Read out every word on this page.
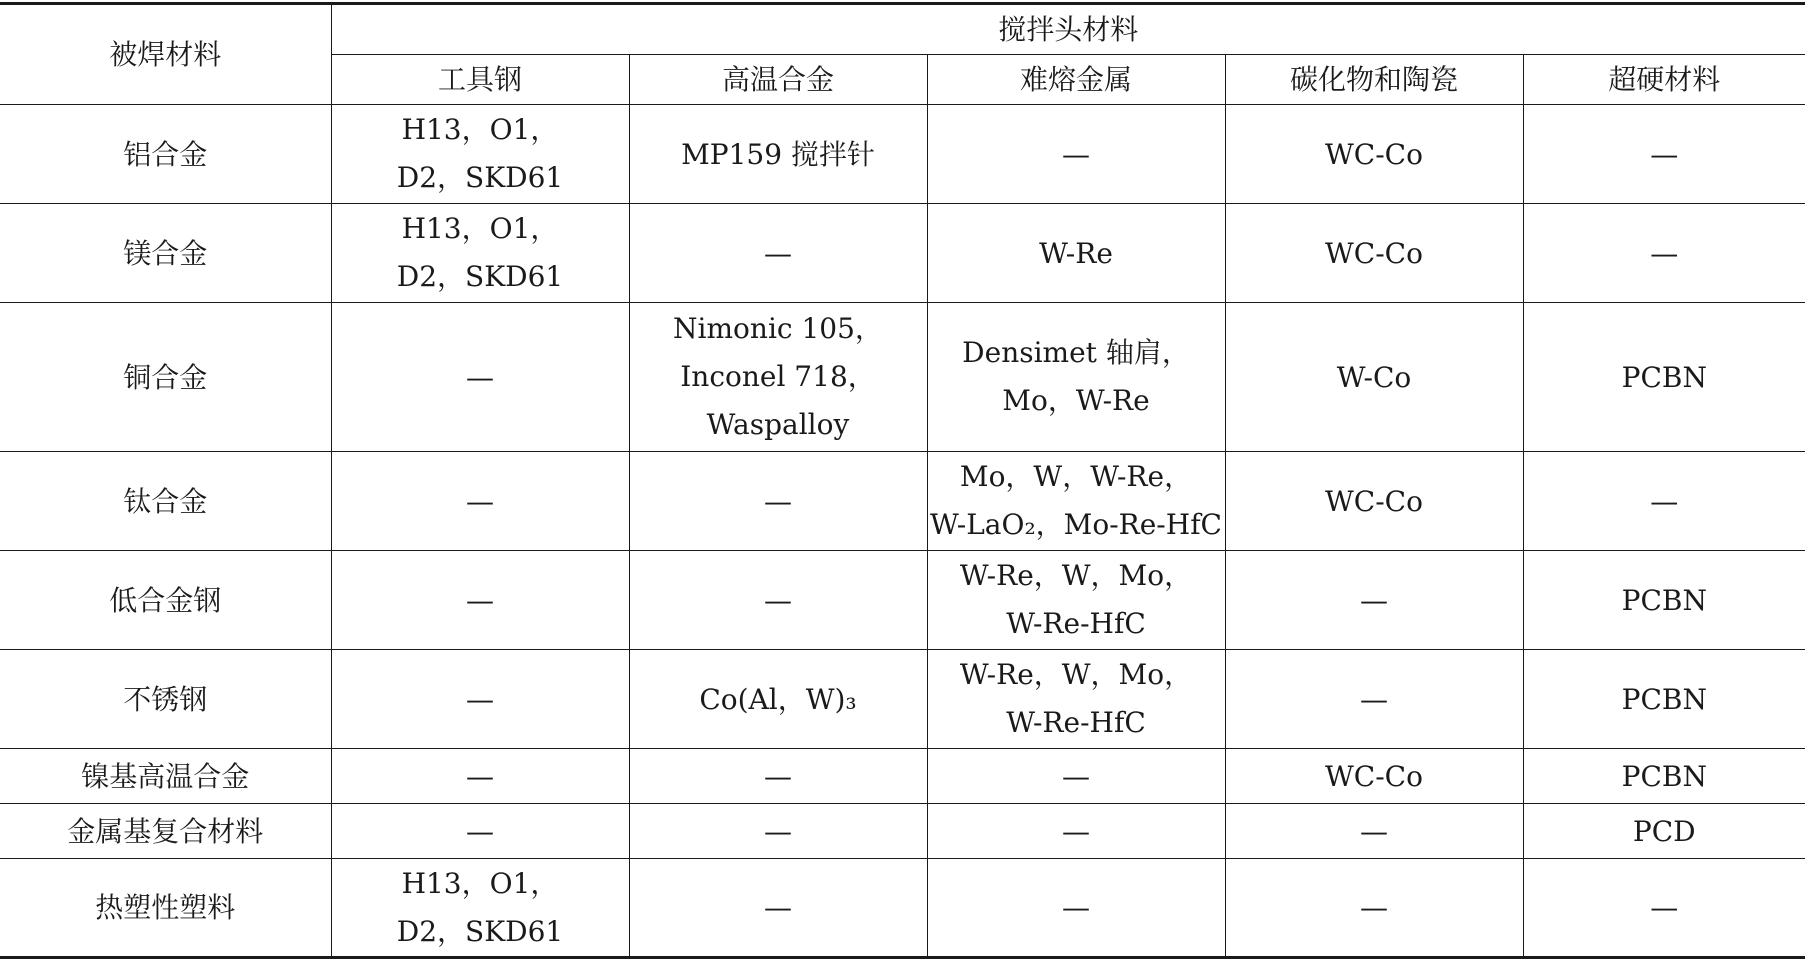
被焊材料	搅拌头材料				
	工具钢	高温合金	难熔金属	碳化物和陶瓷	超硬材料
铝合金	H13，O1，
D2，SKD61	MP159 搅拌针	—	WC-Co	—

镁合金	H13，O1，
D2，SKD61	—	W-Re	WC-Co	—

铜合金	—	Nimonic 105，
Inconel 718，
Waspalloy	Densimet 轴肩，
Mo，W-Re	W-Co	PCBN

钛合金	—	—	Mo，W，W-Re，
W-LaO₂，Mo-Re-HfC	WC-Co	—

低合金钢	—	—	W-Re，W，Mo，
W-Re-HfC	—	PCBN

不锈钢	—	Co(Al，W)₃	W-Re，W，Mo，
W-Re-HfC	—	PCBN

镍基高温合金	—	—	—	WC-Co	PCBN

金属基复合材料	—	—	—	—	PCD

热塑性塑料	H13，O1，
D2，SKD61	—	—	—	—
